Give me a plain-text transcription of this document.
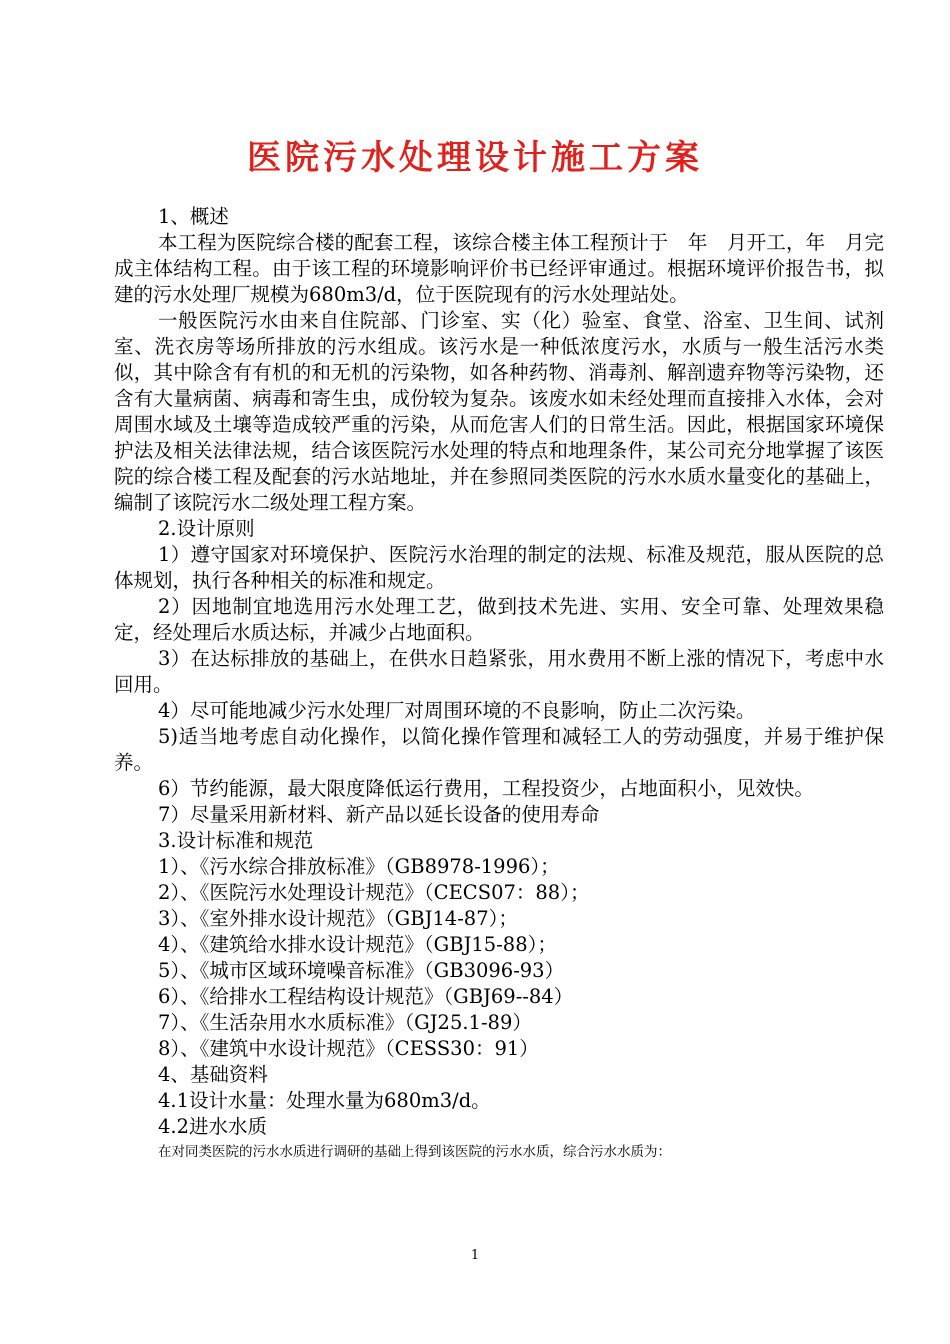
医院污水处理设计施工方案

1、概述

本工程为医院综合楼的配套工程，该综合楼主体工程预计于　年　月开工，年　月完成主体结构工程。由于该工程的环境影响评价书已经评审通过。根据环境评价报告书，拟建的污水处理厂规模为680m3/d，位于医院现有的污水处理站处。

一般医院污水由来自住院部、门诊室、实（化）验室、食堂、浴室、卫生间、试剂室、洗衣房等场所排放的污水组成。该污水是一种低浓度污水，水质与一般生活污水类似，其中除含有有机的和无机的污染物，如各种药物、消毒剂、解剖遗弃物等污染物，还含有大量病菌、病毒和寄生虫，成份较为复杂。该废水如未经处理而直接排入水体，会对周围水域及土壤等造成较严重的污染，从而危害人们的日常生活。因此，根据国家环境保护法及相关法律法规，结合该医院污水处理的特点和地理条件，某公司充分地掌握了该医院的综合楼工程及配套的污水站地址，并在参照同类医院的污水水质水量变化的基础上，编制了该院污水二级处理工程方案。

2.设计原则

1）遵守国家对环境保护、医院污水治理的制定的法规、标准及规范，服从医院的总体规划，执行各种相关的标准和规定。

2）因地制宜地选用污水处理工艺，做到技术先进、实用、安全可靠、处理效果稳定，经处理后水质达标，并减少占地面积。

3）在达标排放的基础上，在供水日趋紧张，用水费用不断上涨的情况下，考虑中水回用。

4）尽可能地减少污水处理厂对周围环境的不良影响，防止二次污染。

5)适当地考虑自动化操作，以简化操作管理和减轻工人的劳动强度，并易于维护保养。

6）节约能源，最大限度降低运行费用，工程投资少，占地面积小，见效快。

7）尽量采用新材料、新产品以延长设备的使用寿命

3.设计标准和规范

1）、《污水综合排放标准》（GB8978-1996）；

2）、《医院污水处理设计规范》（CECS07：88）；

3）、《室外排水设计规范》（GBJ14-87）；

4）、《建筑给水排水设计规范》（GBJ15-88）；

5）、《城市区域环境噪音标准》（GB3096-93）

6）、《给排水工程结构设计规范》（GBJ69--84）

7）、《生活杂用水水质标准》（GJ25.1-89）

8）、《建筑中水设计规范》（CESS30：91）

4、基础资料

4.1设计水量：处理水量为680m3/d。

4.2进水水质

在对同类医院的污水水质进行调研的基础上得到该医院的污水水质，综合污水水质为：

1
